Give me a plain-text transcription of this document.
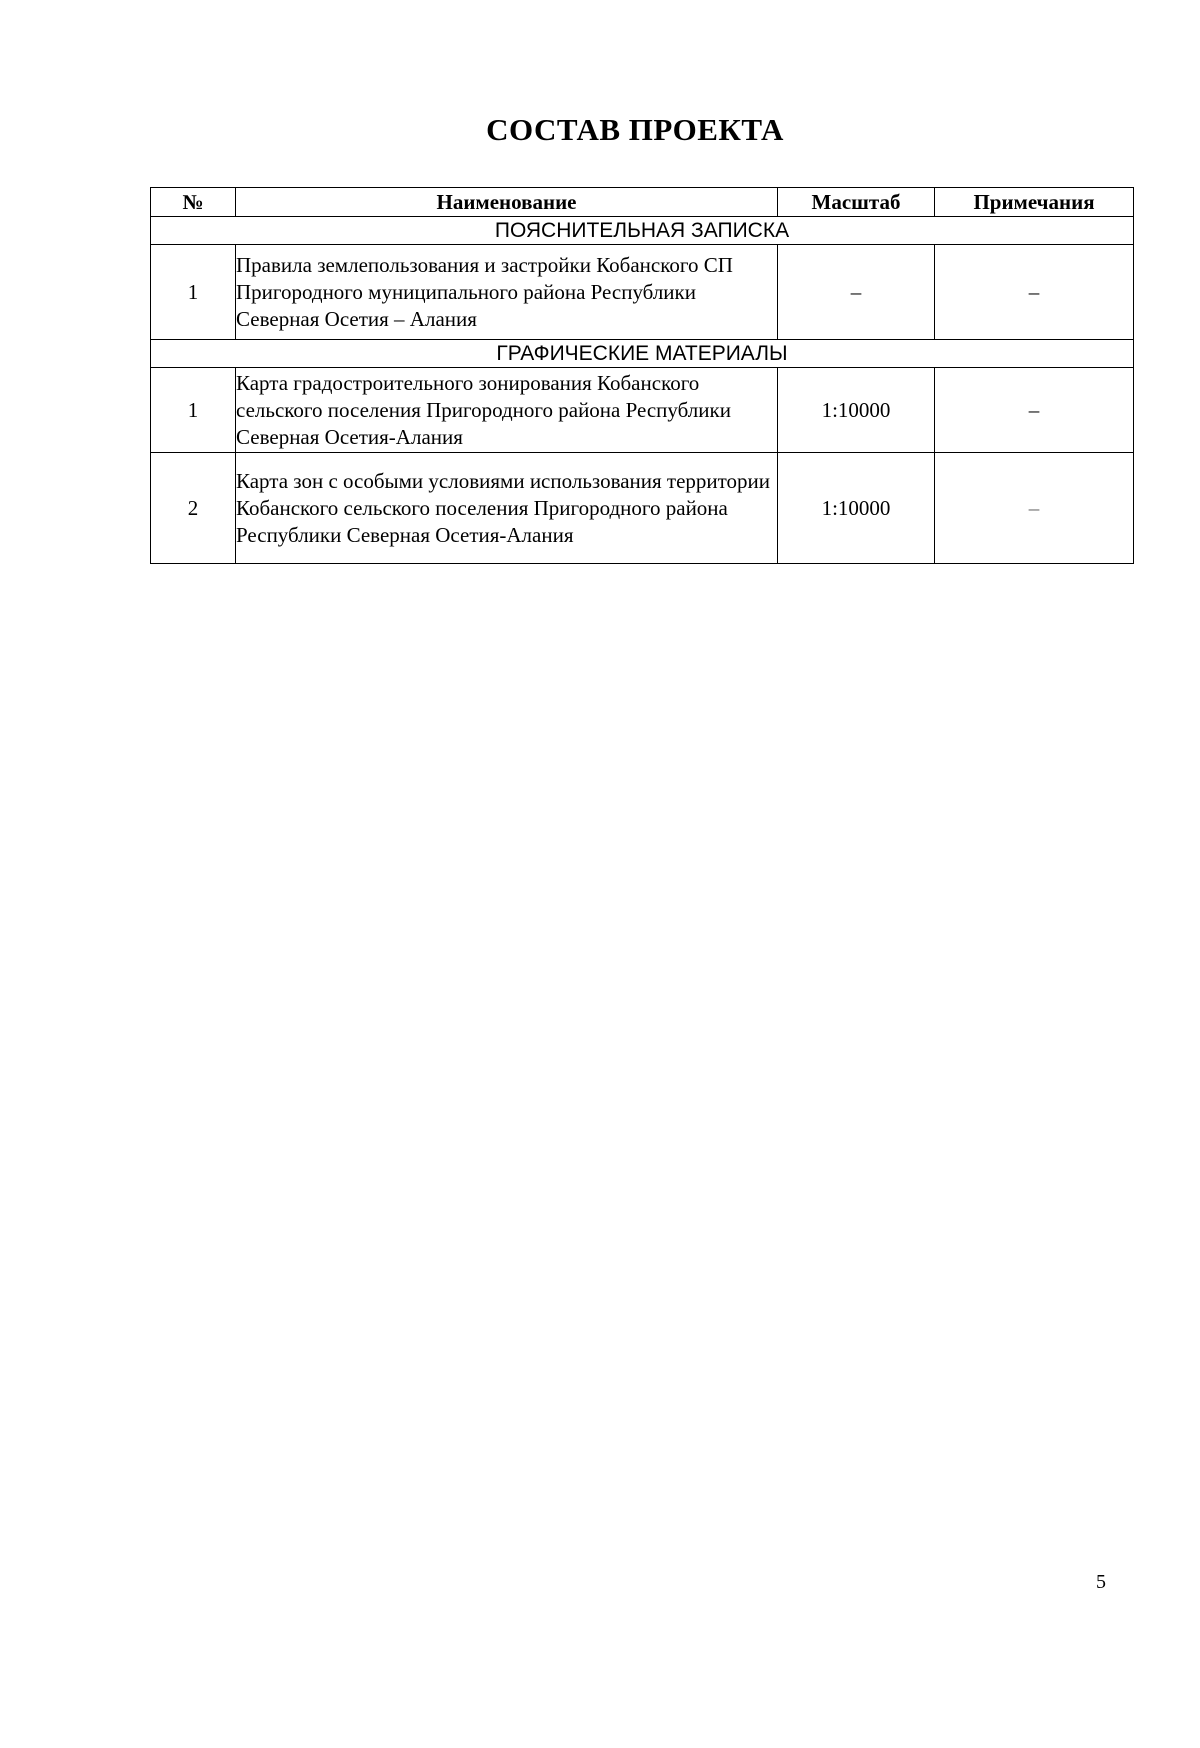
СОСТАВ ПРОЕКТА
№	Наименование	Масштаб	Примечания
ПОЯСНИТЕЛЬНАЯ ЗАПИСКА			
1	Правила землепользования и застройки Кобанского СП Пригородного муниципального района Республики Северная Осетия – Алания	–	–
ГРАФИЧЕСКИЕ МАТЕРИАЛЫ			
1	Карта градостроительного зонирования Кобанского сельского поселения Пригородного района Республики Северная Осетия-Алания	1:10000	–
2	Карта зон с особыми условиями использования территории Кобанского сельского поселения Пригородного района Республики Северная Осетия-Алания	1:10000	–
5
